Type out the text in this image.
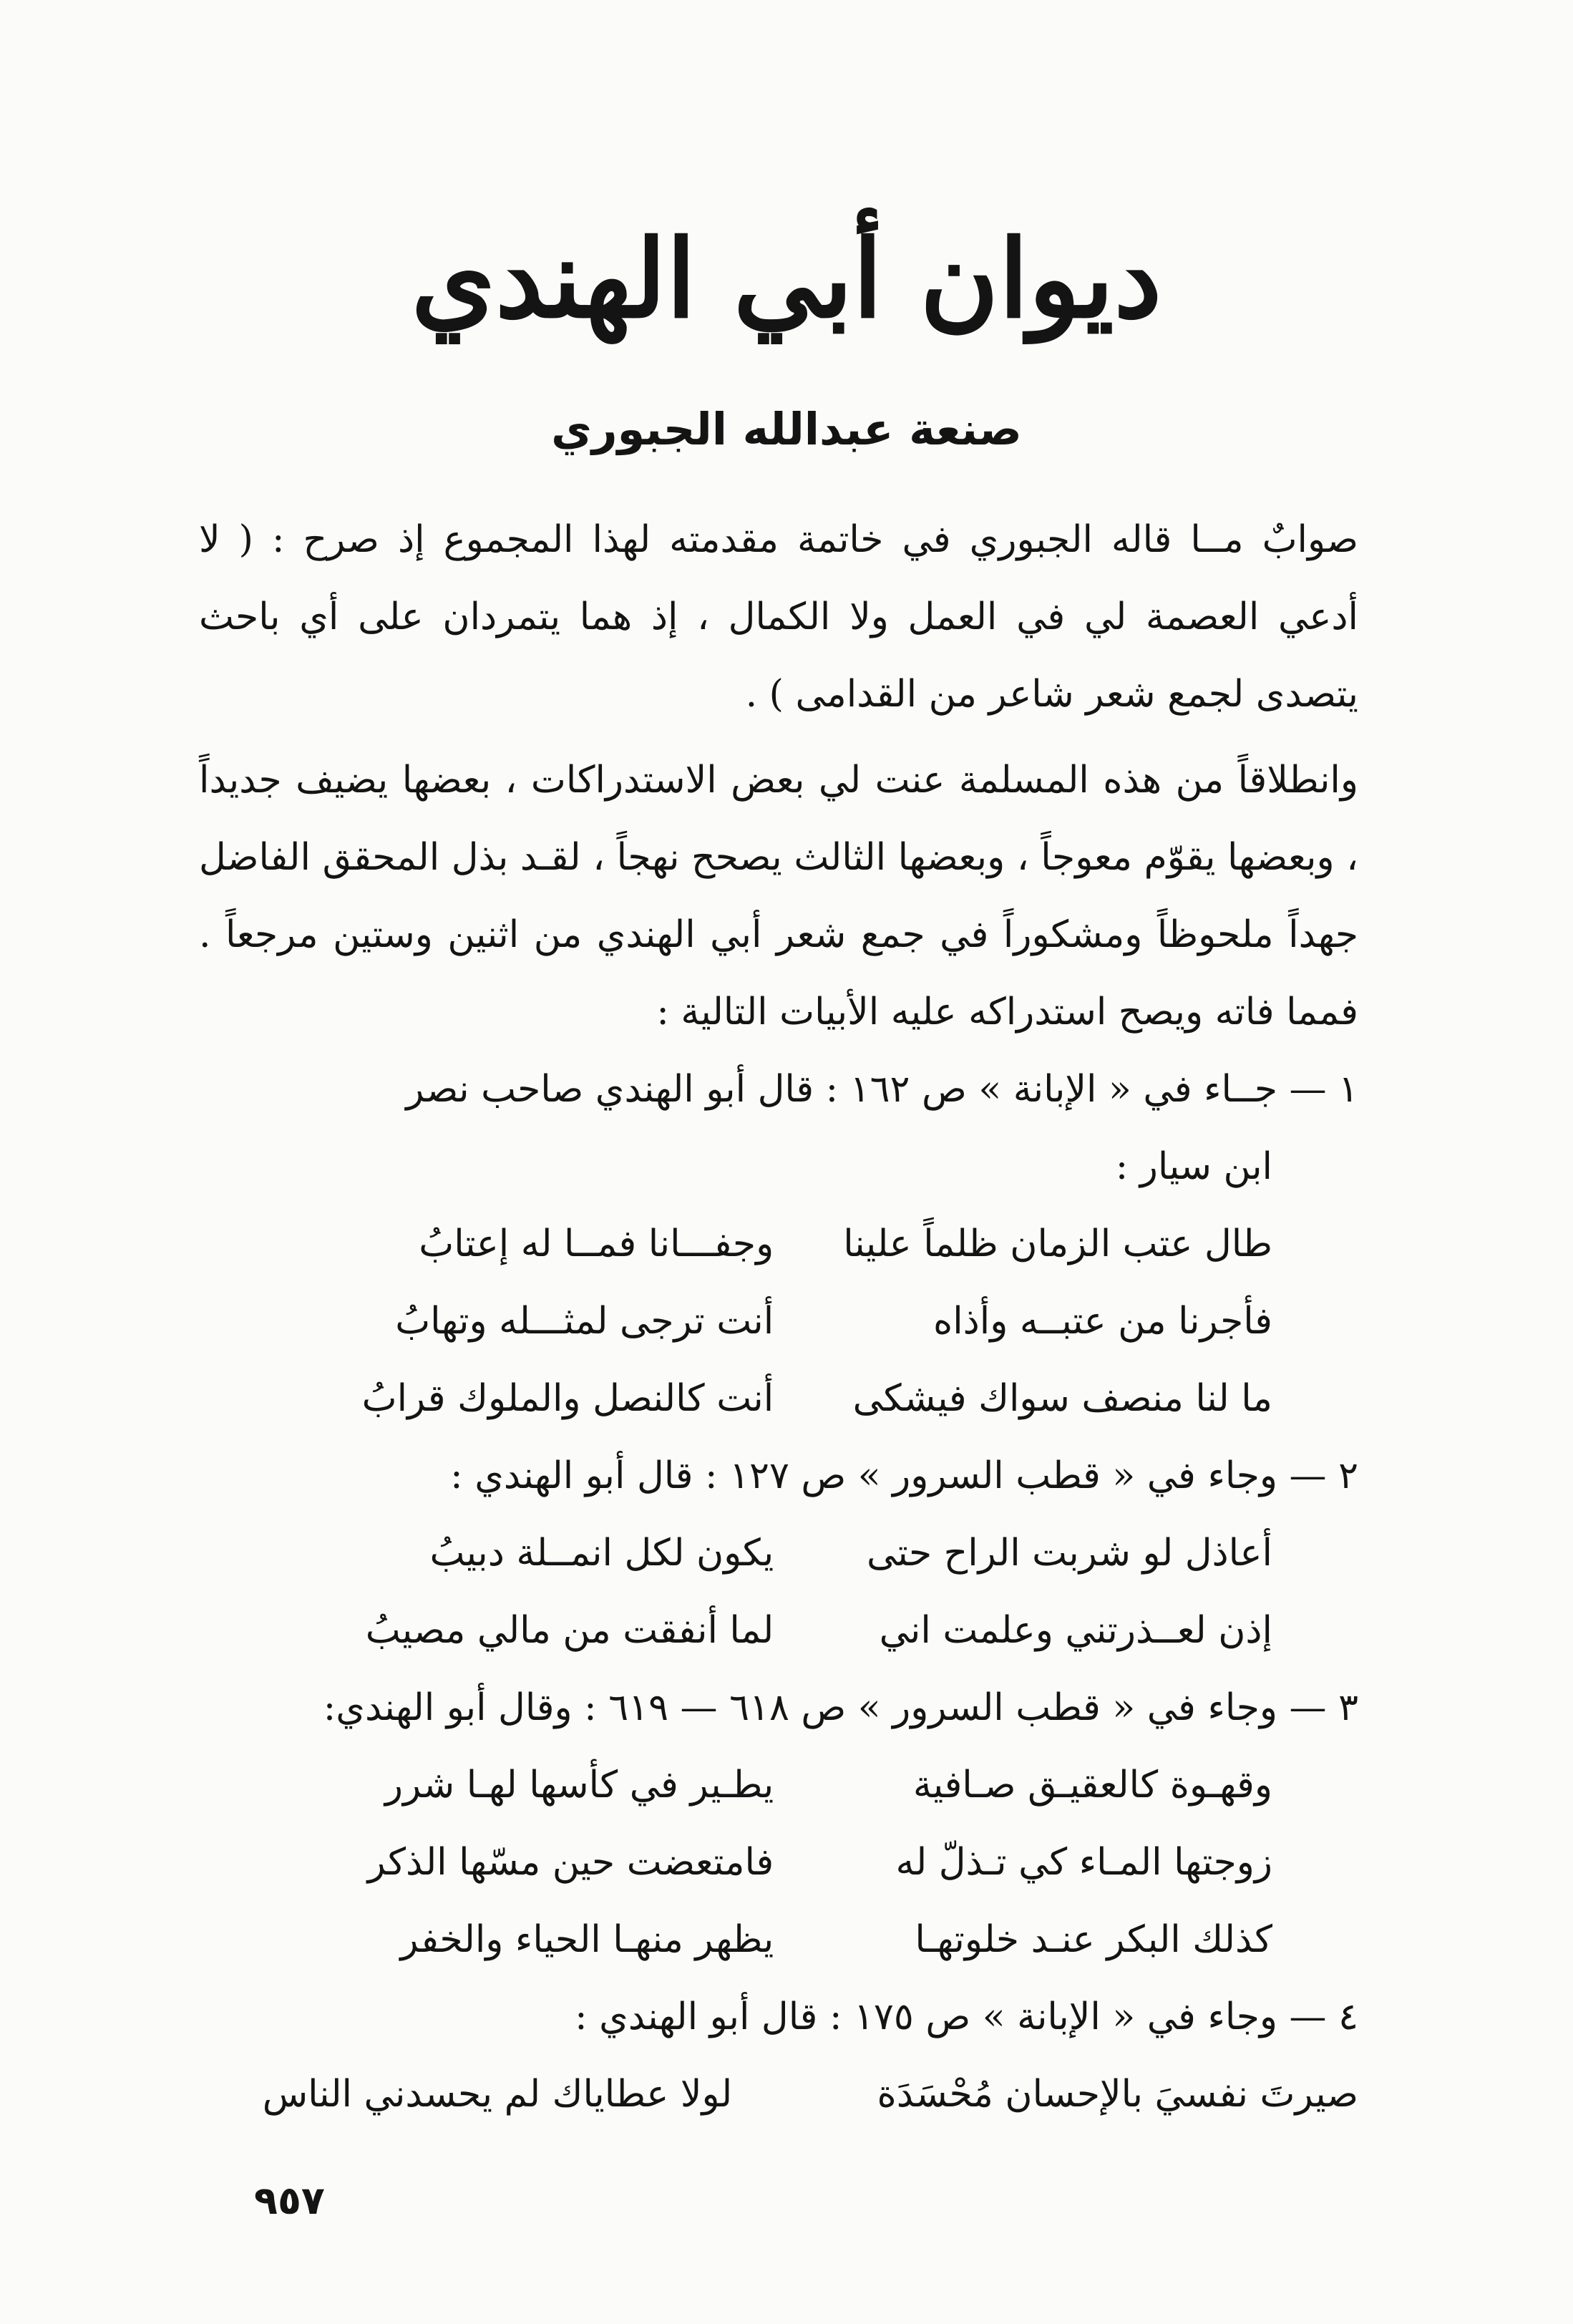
ديوان أبي الهندي
صنعة عبدالله الجبوري

صوابٌ مــا قاله الجبوري في خاتمة مقدمته لهذا المجموع إذ صرح : ( لا أدعي العصمة لي في العمل ولا الكمال ، إذ هما يتمردان على أي باحث يتصدى لجمع شعر شاعر من القدامى ) .

وانطلاقاً من هذه المسلمة عنت لي بعض الاستدراكات ، بعضها يضيف جديداً ، وبعضها يقوّم معوجاً ، وبعضها الثالث يصحح نهجاً ، لقـد بذل المحقق الفاضل جهداً ملحوظاً ومشكوراً في جمع شعر أبي الهندي من اثنين وستين مرجعاً . فمما فاته ويصح استدراكه عليه الأبيات التالية :

١ — جــاء في « الإبانة » ص ١٦٢ : قال أبو الهندي صاحب نصر

ابن سيار :

طال عتب الزمان ظلماً علينا
وجفـــانا فمــا له إعتابُ
فأجرنا من عتبــه وأذاه
أنت ترجى لمثـــله وتهابُ
ما لنا منصف سواك فيشكى
أنت كالنصل والملوك قرابُ

٢ — وجاء في « قطب السرور » ص ١٢٧ : قال أبو الهندي :

أعاذل لو شربت الراح حتى
يكون لكل انمــلة دبيبُ
إذن لعــذرتني وعلمت اني
لما أنفقت من مالي مصيبُ

٣ — وجاء في « قطب السرور » ص ٦١٨ — ٦١٩ : وقال أبو الهندي:

وقهـوة كالعقيـق صـافية
يطـير في كأسها لهـا شرر
زوجتها المـاء كي تـذلّ له
فامتعضت حين مسّها الذكر
كذلك البكر عنـد خلوتهـا
يظهر منهـا الحياء والخفر

٤ — وجاء في « الإبانة » ص ١٧٥ : قال أبو الهندي :

صيرتَ نفسيَ بالإحسان مُحْسَدَة
لولا عطاياك لم يحسدني الناس
٩٥٧
